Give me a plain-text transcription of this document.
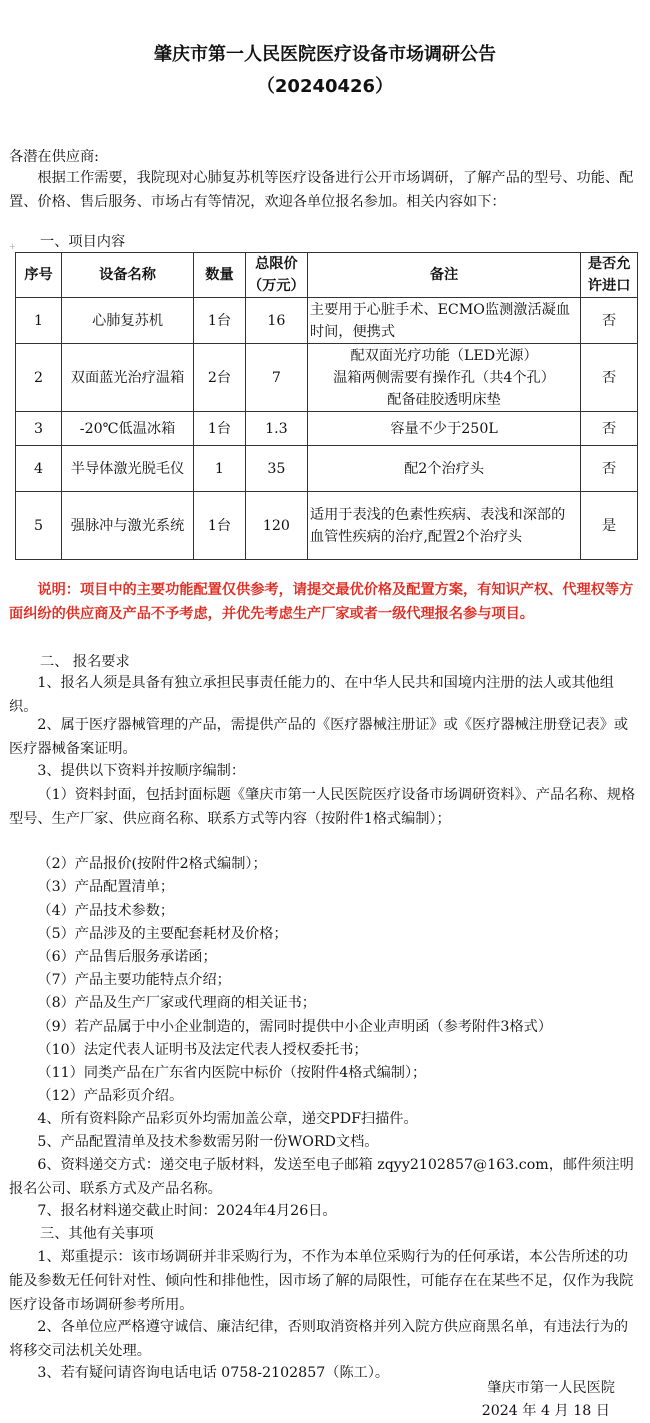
肇庆市第一人民医院医疗设备市场调研公告
（20240426）
各潜在供应商:
根据工作需要，我院现对心肺复苏机等医疗设备进行公开市场调研，了解产品的型号、功能、配置、价格、售后服务、市场占有等情况，欢迎各单位报名参加。相关内容如下：
+ 一、项目内容
序号	设备名称	数量	总限价（万元）	备注	是否允许进口
1	心肺复苏机	1台	16	主要用于心脏手术、ECMO监测激活凝血时间，便携式	否
2	双面蓝光治疗温箱	2台	7	配双面光疗功能（LED光源）
温箱两侧需要有操作孔（共4个孔）
配备硅胶透明床垫	否
3	-20℃低温冰箱	1台	1.3	容量不少于250L	否
4	半导体激光脱毛仪	1	35	配2个治疗头	否
5	强脉冲与激光系统	1台	120	适用于表浅的色素性疾病、表浅和深部的血管性疾病的治疗,配置2个治疗头	是
说明：项目中的主要功能配置仅供参考，请提交最优价格及配置方案，有知识产权、代理权等方面纠纷的供应商及产品不予考虑，并优先考虑生产厂家或者一级代理报名参与项目。
二、 报名要求
1、报名人须是具备有独立承担民事责任能力的、在中华人民共和国境内注册的法人或其他组织。
2、属于医疗器械管理的产品，需提供产品的《医疗器械注册证》或《医疗器械注册登记表》或医疗器械备案证明。
3、提供以下资料并按顺序编制：
（1）资料封面，包括封面标题《肇庆市第一人民医院医疗设备市场调研资料》、产品名称、规格型号、生产厂家、供应商名称、联系方式等内容（按附件1格式编制）；
（2）产品报价(按附件2格式编制）；
（3）产品配置清单；
（4）产品技术参数；
（5）产品涉及的主要配套耗材及价格；
（6）产品售后服务承诺函；
（7）产品主要功能特点介绍；
（8）产品及生产厂家或代理商的相关证书；
（9）若产品属于中小企业制造的，需同时提供中小企业声明函（参考附件3格式）
（10）法定代表人证明书及法定代表人授权委托书；
（11）同类产品在广东省内医院中标价（按附件4格式编制）；
（12）产品彩页介绍。
4、所有资料除产品彩页外均需加盖公章，递交PDF扫描件。
5、产品配置清单及技术参数需另附一份WORD文档。
6、资料递交方式：递交电子版材料，发送至电子邮箱 zqyy2102857@163.com，邮件须注明报名公司、联系方式及产品名称。
7、报名材料递交截止时间：2024年4月26日。
三、其他有关事项
1、郑重提示：该市场调研并非采购行为，不作为本单位采购行为的任何承诺，本公告所述的功能及参数无任何针对性、倾向性和排他性，因市场了解的局限性，可能存在在某些不足，仅作为我院医疗设备市场调研参考所用。
2、各单位应严格遵守诚信、廉洁纪律，否则取消资格并列入院方供应商黑名单，有违法行为的将移交司法机关处理。
3、若有疑问请咨询电话电话 0758-2102857（陈工）。
肇庆市第一人民医院
2024 年 4 月 18 日
